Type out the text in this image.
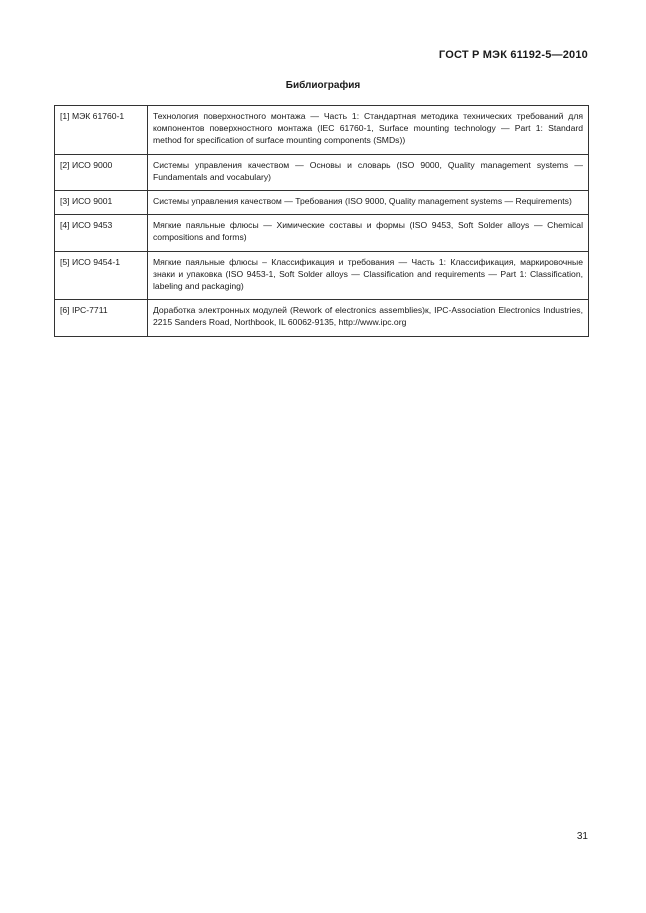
ГОСТ Р МЭК 61192-5—2010
Библиография
[1] МЭК 61760-1	Технология поверхностного монтажа — Часть 1: Стандартная методика технических требований для компонентов поверхностного монтажа (IEC 61760-1, Surface mounting technology — Part 1: Standard method for specification of surface mounting components (SMDs))
[2] ИСО 9000	Системы управления качеством — Основы и словарь (ISO 9000, Quality management systems — Fundamentals and vocabulary)
[3] ИСО 9001	Системы управления качеством — Требования (ISO 9000, Quality management systems — Requirements)
[4] ИСО 9453	Мягкие паяльные флюсы — Химические составы и формы (ISO 9453, Soft Solder alloys — Chemical compositions and forms)
[5] ИСО 9454-1	Мягкие паяльные флюсы – Классификация и требования — Часть 1: Классификация, маркировочные знаки и упаковка (ISO 9453-1, Soft Solder alloys — Classification and requirements — Part 1: Classification, labeling and packaging)
[6] IPC-7711	Доработка электронных модулей (Rework of electronics assemblies)к, IPC-Association Electronics Industries, 2215 Sanders Road, Northbook, IL 60062-9135, http://www.ipc.org
31
